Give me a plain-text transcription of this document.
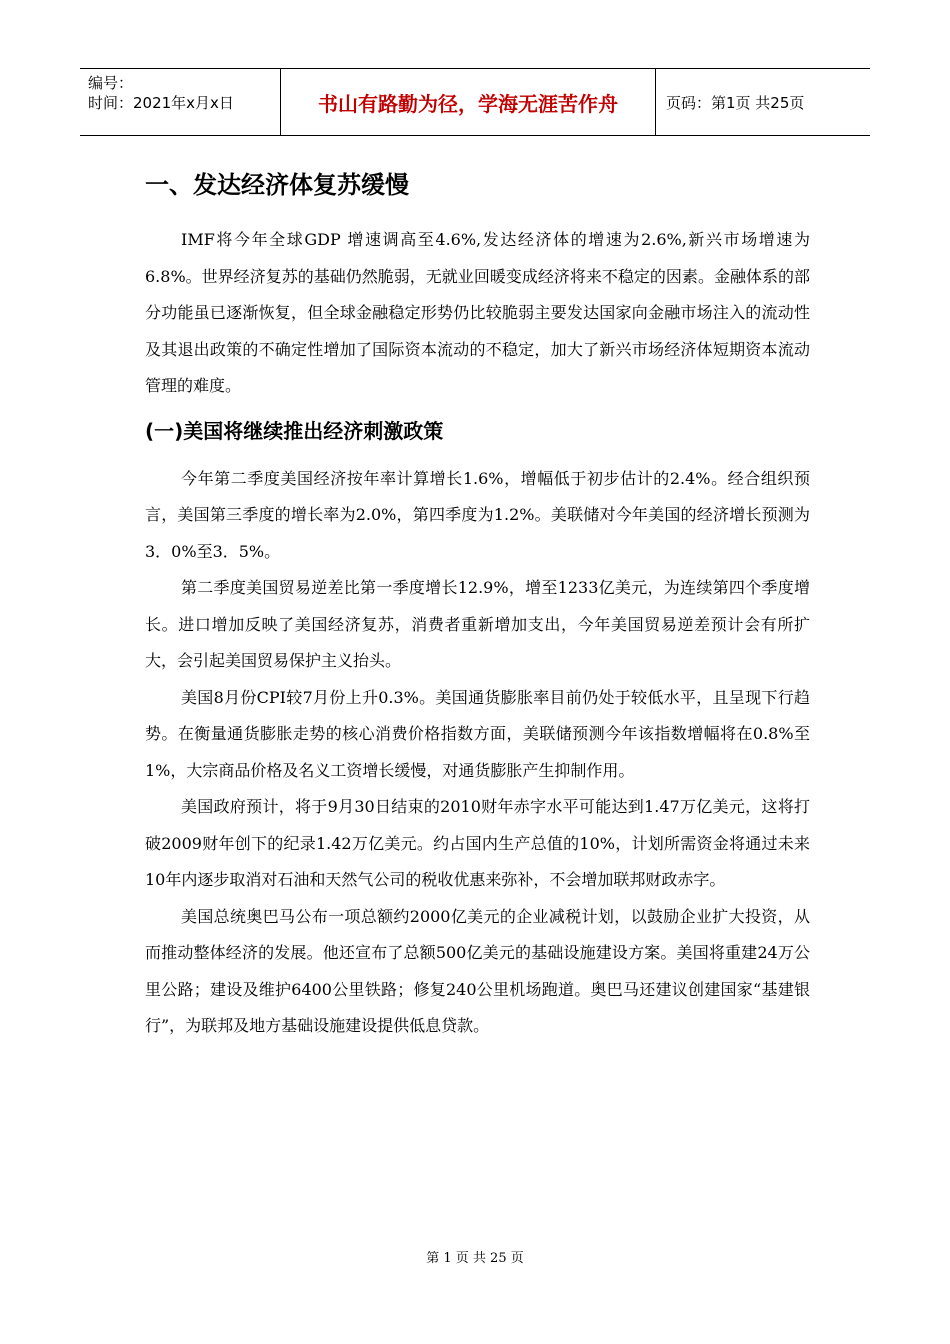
编号：
时间：2021年x月x日	书山有路勤为径，学海无涯苦作舟	页码：第1页 共25页
一、发达经济体复苏缓慢

IMF将今年全球GDP 增速调高至4.6%,发达经济体的增速为2.6%,新兴市场增速为6.8%。世界经济复苏的基础仍然脆弱，无就业回暖变成经济将来不稳定的因素。金融体系的部分功能虽已逐渐恢复，但全球金融稳定形势仍比较脆弱主要发达国家向金融市场注入的流动性及其退出政策的不确定性增加了国际资本流动的不稳定，加大了新兴市场经济体短期资本流动管理的难度。

(一)美国将继续推出经济刺激政策

今年第二季度美国经济按年率计算增长1.6%，增幅低于初步估计的2.4%。经合组织预言，美国第三季度的增长率为2.0%，第四季度为1.2%。美联储对今年美国的经济增长预测为3．0%至3．5%。

第二季度美国贸易逆差比第一季度增长12.9%，增至1233亿美元，为连续第四个季度增长。进口增加反映了美国经济复苏，消费者重新增加支出，今年美国贸易逆差预计会有所扩大，会引起美国贸易保护主义抬头。

美国8月份CPI较7月份上升0.3%。美国通货膨胀率目前仍处于较低水平，且呈现下行趋势。在衡量通货膨胀走势的核心消费价格指数方面，美联储预测今年该指数增幅将在0.8%至1%，大宗商品价格及名义工资增长缓慢，对通货膨胀产生抑制作用。

美国政府预计，将于9月30日结束的2010财年赤字水平可能达到1.47万亿美元，这将打破2009财年创下的纪录1.42万亿美元。约占国内生产总值的10%，计划所需资金将通过未来10年内逐步取消对石油和天然气公司的税收优惠来弥补，不会增加联邦财政赤字。

美国总统奥巴马公布一项总额约2000亿美元的企业减税计划，以鼓励企业扩大投资，从而推动整体经济的发展。他还宣布了总额500亿美元的基础设施建设方案。美国将重建24万公里公路；建设及维护6400公里铁路；修复240公里机场跑道。奥巴马还建议创建国家“基建银行”，为联邦及地方基础设施建设提供低息贷款。

第 1 页 共 25 页
